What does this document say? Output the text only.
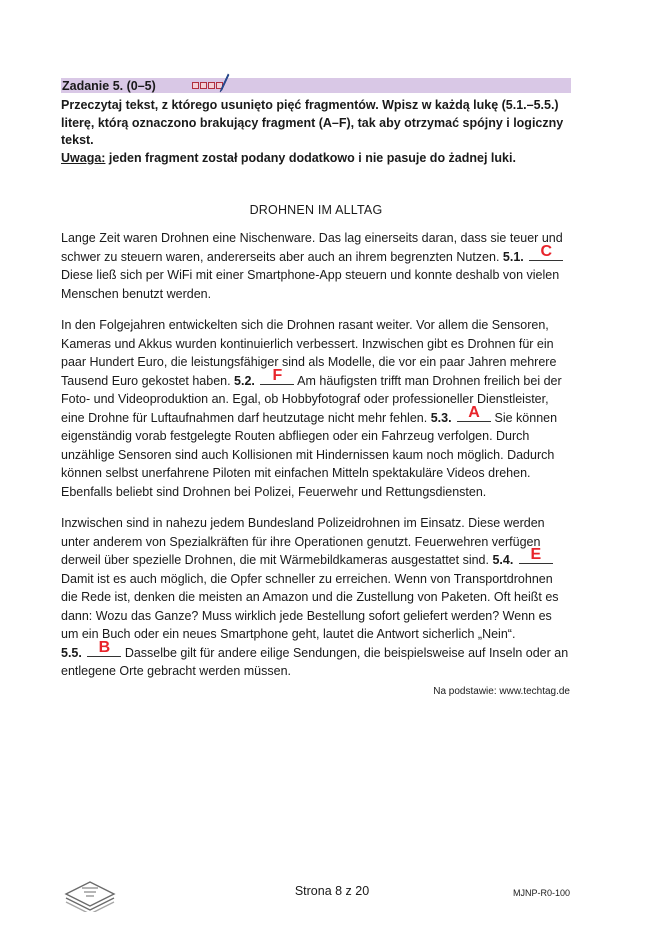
Zadanie 5. (0–5)
Przeczytaj tekst, z którego usunięto pięć fragmentów. Wpisz w każdą lukę (5.1.–5.5.) literę, którą oznaczono brakujący fragment (A–F), tak aby otrzymać spójny i logiczny tekst.
Uwaga: jeden fragment został podany dodatkowo i nie pasuje do żadnej luki.
DROHNEN IM ALLTAG
Lange Zeit waren Drohnen eine Nischenware. Das lag einerseits daran, dass sie teuer und schwer zu steuern waren, andererseits aber auch an ihrem begrenzten Nutzen. 5.1.	C
Diese ließ sich per WiFi mit einer Smartphone-App steuern und konnte deshalb von vielen Menschen benutzt werden.
In den Folgejahren entwickelten sich die Drohnen rasant weiter. Vor allem die Sensoren, Kameras und Akkus wurden kontinuierlich verbessert. Inzwischen gibt es Drohnen für ein paar Hundert Euro, die leistungsfähiger sind als Modelle, die vor ein paar Jahren mehrere Tausend Euro gekostet haben. 5.2.	F Am häufigsten trifft man Drohnen freilich bei der Foto- und Videoproduktion an. Egal, ob Hobbyfotograf oder professioneller Dienstleister, eine Drohne für Luftaufnahmen darf heutzutage nicht mehr fehlen. 5.3.	A Sie können eigenständig vorab festgelegte Routen abfliegen oder ein Fahrzeug verfolgen. Durch unzählige Sensoren sind auch Kollisionen mit Hindernissen kaum noch möglich. Dadurch können selbst unerfahrene Piloten mit einfachen Mitteln spektakuläre Videos drehen. Ebenfalls beliebt sind Drohnen bei Polizei, Feuerwehr und Rettungsdiensten.
Inzwischen sind in nahezu jedem Bundesland Polizeidrohnen im Einsatz. Diese werden unter anderem von Spezialkräften für ihre Operationen genutzt. Feuerwehren verfügen derweil über spezielle Drohnen, die mit Wärmebildkameras ausgestattet sind. 5.4.	E
Damit ist es auch möglich, die Opfer schneller zu erreichen. Wenn von Transportdrohnen die Rede ist, denken die meisten an Amazon und die Zustellung von Paketen. Oft heißt es dann: Wozu das Ganze? Muss wirklich jede Bestellung sofort geliefert werden? Wenn es um ein Buch oder ein neues Smartphone geht, lautet die Antwort sicherlich „Nein“. 5.5.	B Dasselbe gilt für andere eilige Sendungen, die beispielsweise auf Inseln oder an entlegene Orte gebracht werden müssen.
Na podstawie: www.techtag.de
Strona 8 z 20	MJNP-R0-100
